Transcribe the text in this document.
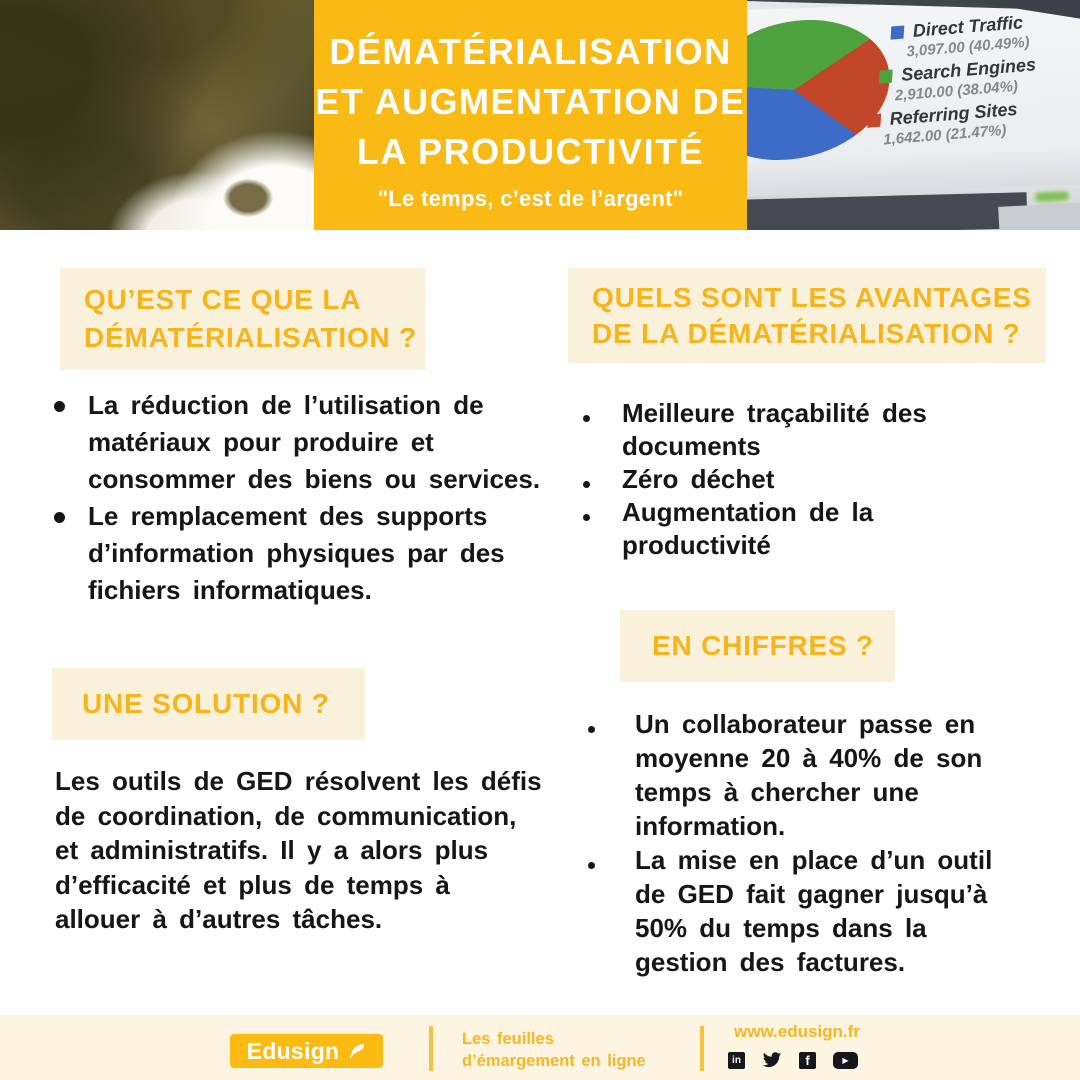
DÉMATÉRIALISATION
ET AUGMENTATION DE
LA PRODUCTIVITÉ
"Le temps, c’est de l’argent"
Direct Traffic
3,097.00 (40.49%)
Search Engines
2,910.00 (38.04%)
Referring Sites
1,642.00 (21.47%)
QU’EST CE QUE LA
DÉMATÉRIALISATION ?
La réduction de l’utilisation de matériaux pour produire et consommer des biens ou services.
Le remplacement des supports d’information physiques par des fichiers informatiques.
UNE SOLUTION ?

Les outils de GED résolvent les défis de coordination, de communication, et administratifs. Il y a alors plus d’efficacité et plus de temps à allouer à d’autres tâches.

QUELS SONT LES AVANTAGES
DE LA DÉMATÉRIALISATION ?
Meilleure traçabilité des documents
Zéro déchet
Augmentation de la productivité
EN CHIFFRES ?
Un collaborateur passe en moyenne 20 à 40% de son temps à chercher une information.
La mise en place d’un outil de GED fait gagner jusqu’à 50% du temps dans la gestion des factures.
Edusign	Les feuilles
d’émargement en ligne
www.edusign.fr
in	f	▶
